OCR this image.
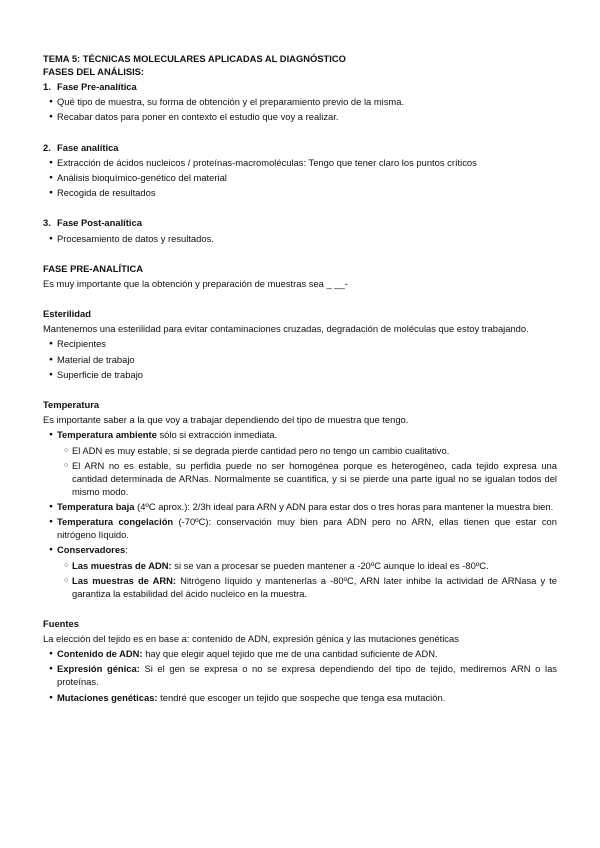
TEMA 5: TÉCNICAS MOLECULARES APLICADAS AL DIAGNÓSTICO

FASES DEL ANÁLISIS:

1. Fase Pre-analítica

● Qué tipo de muestra, su forma de obtención y el preparamiento previo de la misma.
● Recabar datos para poner en contexto el estudio que voy a realizar.

2. Fase analítica

● Extracción de ácidos nucleicos / proteínas-macromoléculas: Tengo que tener claro los puntos críticos
● Análisis bioquímico-genético del material
● Recogida de resultados

3. Fase Post-analítica

● Procesamiento de datos y resultados.

FASE PRE-ANALÍTICA

Es muy importante que la obtención y preparación de muestras sea _ __-

Esterilidad

Mantenemos una esterilidad para evitar contaminaciones cruzadas, degradación de moléculas que estoy trabajando.

● Recipientes
● Material de trabajo
● Superficie de trabajo

Temperatura

Es importante saber a la que voy a trabajar dependiendo del tipo de muestra que tengo.

● Temperatura ambiente sólo si extracción inmediata.
○ El ADN es muy estable, si se degrada pierde cantidad pero no tengo un cambio cualitativo.
○ El ARN no es estable, su perfidia puede no ser homogénea porque es heterogéneo, cada tejido expresa una cantidad determinada de ARNas. Normalmente se cuantifica, y si se pierde una parte igual no se igualan todos del mismo modo.
● Temperatura baja (4ºC aprox.): 2/3h ideal para ARN y ADN para estar dos o tres horas para mantener la muestra bien.
● Temperatura congelación (-70ºC): conservación muy bien para ADN pero no ARN, ellas tienen que estar con nitrógeno líquido.
● Conservadores:
○ Las muestras de ADN: si se van a procesar se pueden mantener a -20ºC aunque lo ideal es -80ºC.
○ Las muestras de ARN: Nitrógeno líquido y mantenerlas a -80ºC, ARN later inhibe la actividad de ARNasa y te garantiza la estabilidad del ácido nucleico en la muestra.

Fuentes

La elección del tejido es en base a: contenido de ADN, expresión génica y las mutaciones genéticas

● Contenido de ADN: hay que elegir aquel tejido que me de una cantidad suficiente de ADN.
● Expresión génica: Si el gen se expresa o no se expresa dependiendo del tipo de tejido, mediremos ARN o las proteínas.
● Mutaciones genéticas: tendré que escoger un tejido que sospeche que tenga esa mutación.
